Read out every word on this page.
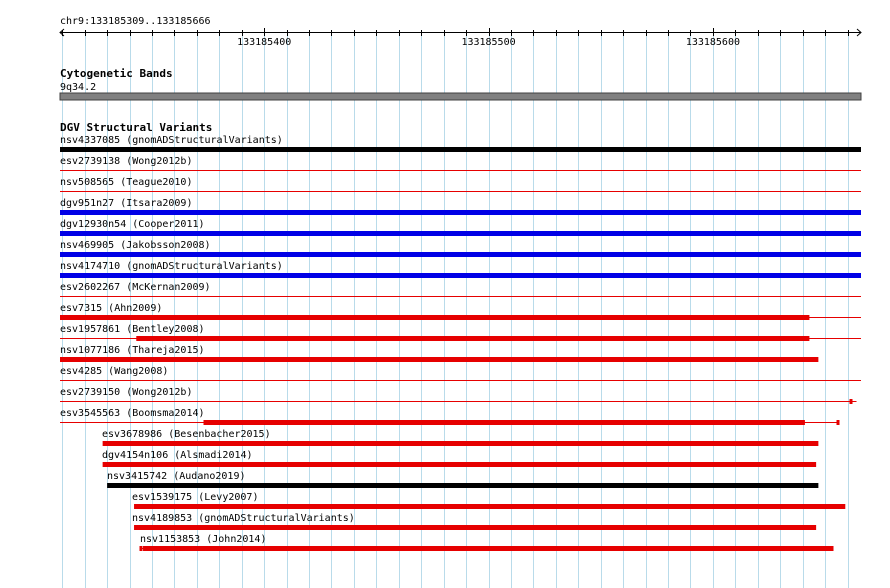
chr9:133185309..133185666
133185400	133185500	133185600
Cytogenetic Bands
9q34.2
DGV Structural Variants
nsv4337085 (gnomADStructuralVariants)
esv2739138 (Wong2012b)
nsv508565 (Teague2010)
dgv951n27 (Itsara2009)
dgv12930n54 (Cooper2011)
nsv469905 (Jakobsson2008)
nsv4174710 (gnomADStructuralVariants)
esv2602267 (McKernan2009)
esv7315 (Ahn2009)
esv1957861 (Bentley2008)
nsv1077186 (Thareja2015)
esv4285 (Wang2008)
esv2739150 (Wong2012b)
esv3545563 (Boomsma2014)
esv3678986 (Besenbacher2015)
dgv4154n106 (Alsmadi2014)
nsv3415742 (Audano2019)
esv1539175 (Levy2007)
nsv4189853 (gnomADStructuralVariants)
nsv1153853 (John2014)
